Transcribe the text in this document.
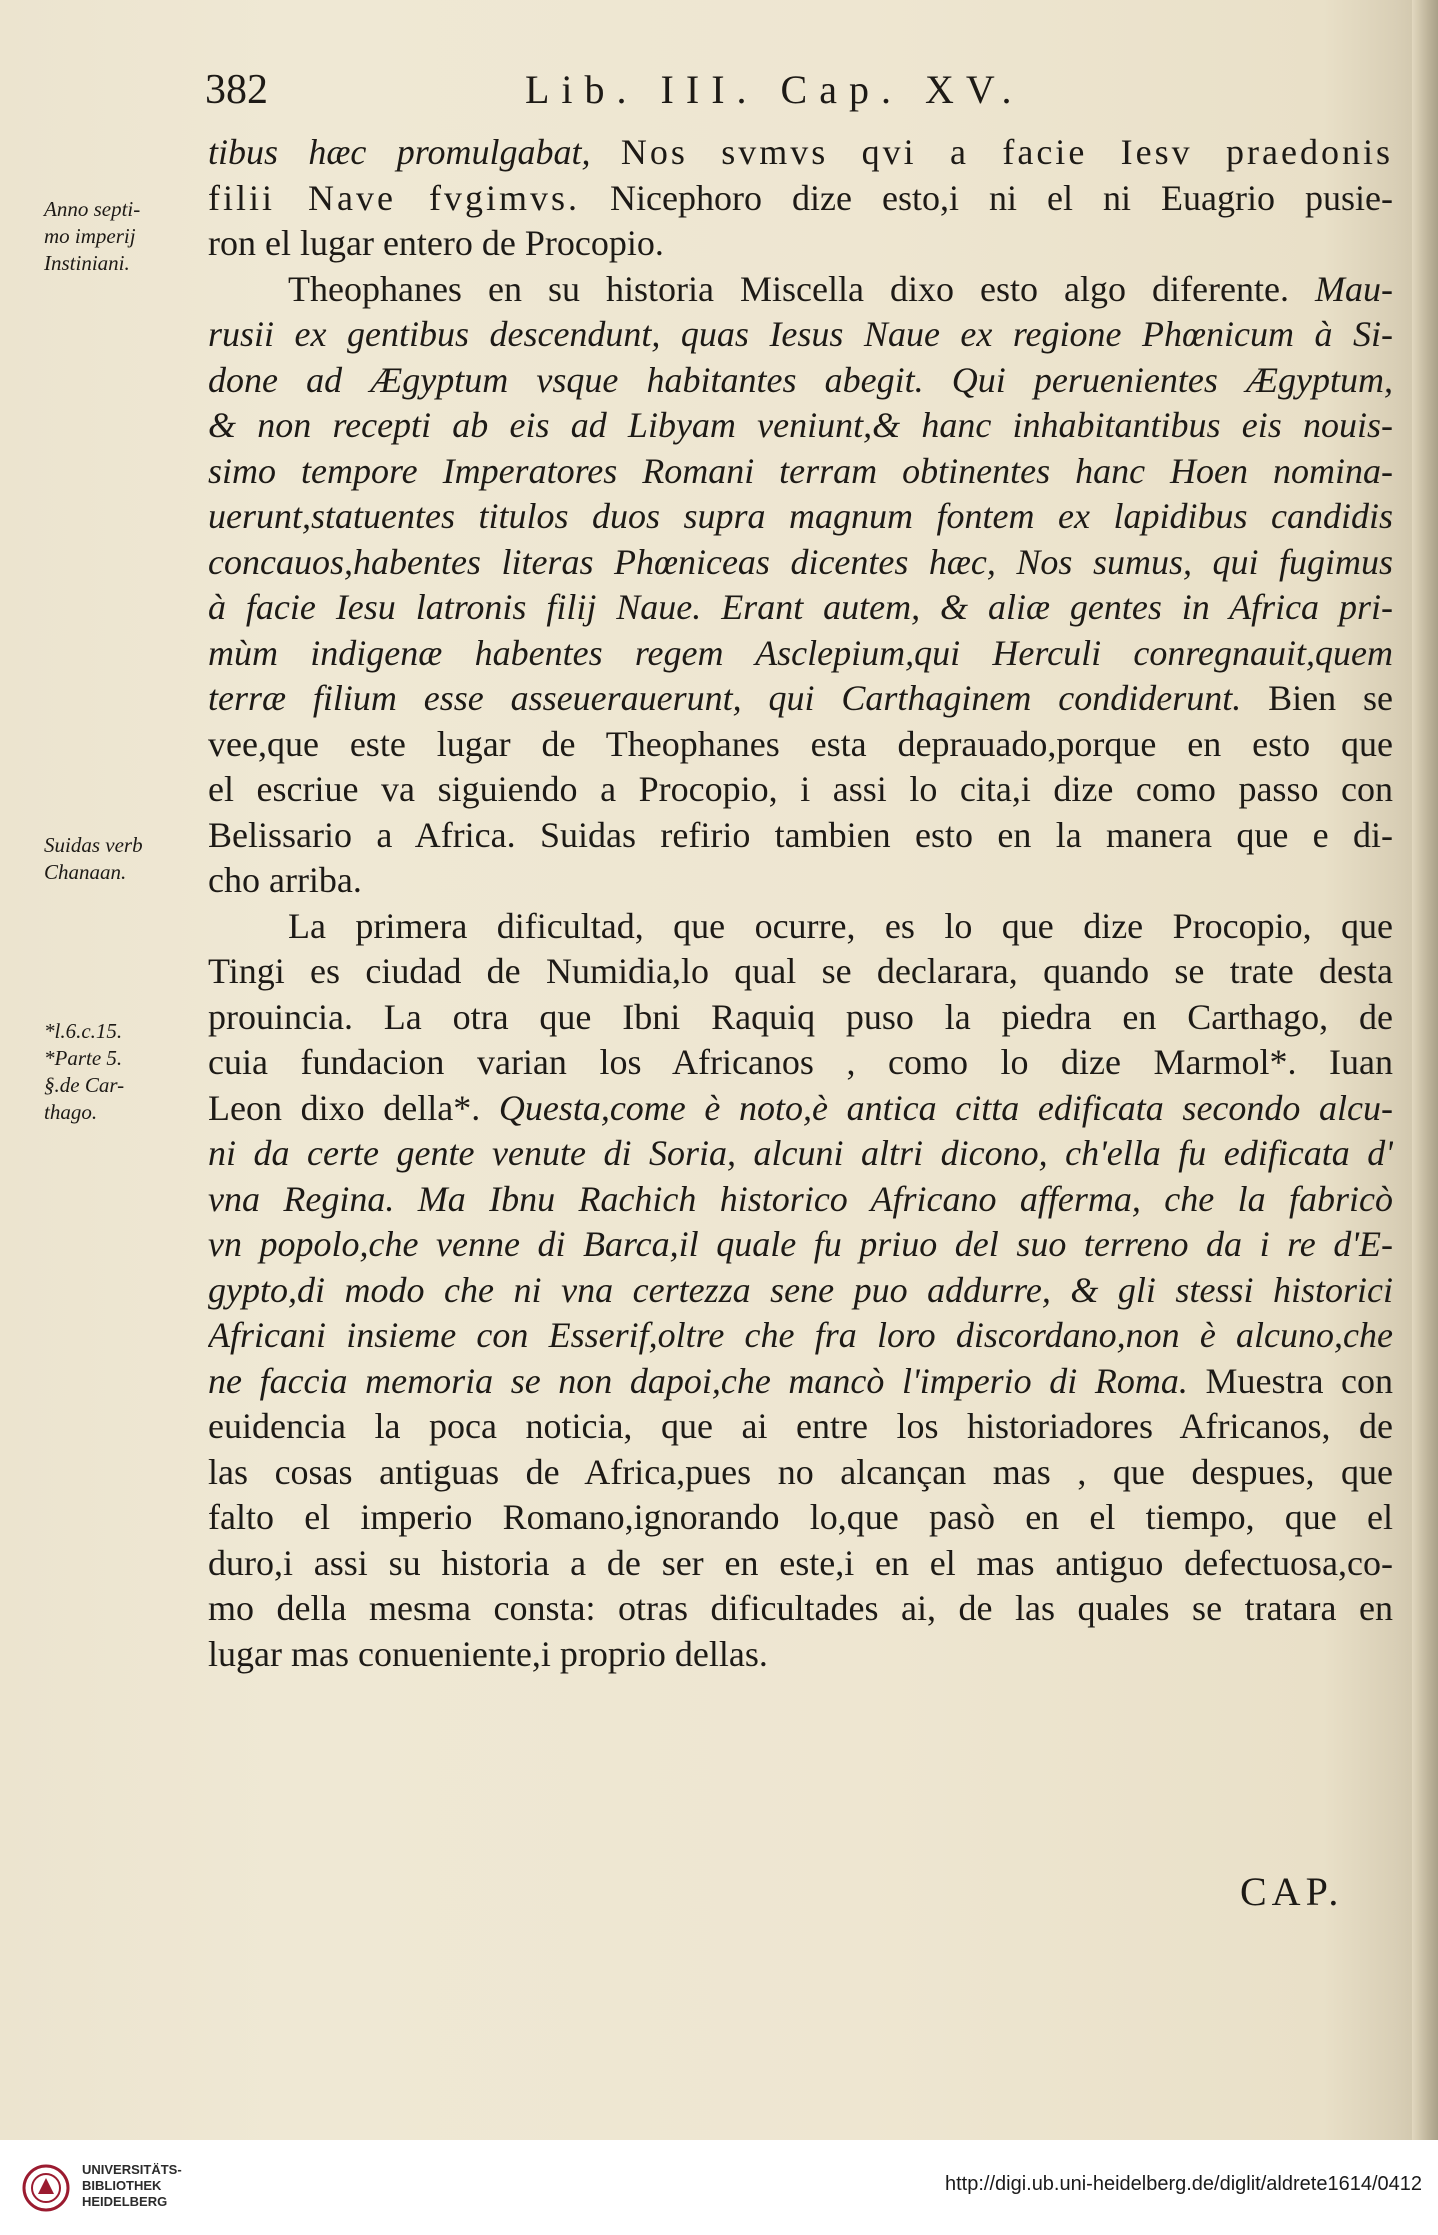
382	Lib. III. Cap. XV.
tibus hæc promulgabat, Nos svmvs qvi a facie Iesv praedonis
filii Nave fvgimvs. Nicephoro dize esto,i ni el ni Euagrio pusie-
ron el lugar entero de Procopio.
Theophanes en su historia Miscella dixo esto algo diferente. Mau-
rusii ex gentibus descendunt, quas Iesus Naue ex regione Phœnicum à Si-
done ad Ægyptum vsque habitantes abegit. Qui peruenientes Ægyptum,
& non recepti ab eis ad Libyam veniunt,& hanc inhabitantibus eis nouis-
simo tempore Imperatores Romani terram obtinentes hanc Hoen nomina-
uerunt,statuentes titulos duos supra magnum fontem ex lapidibus candidis
concauos,habentes literas Phœniceas dicentes hæc, Nos sumus, qui fugimus
à facie Iesu latronis filij Naue. Erant autem, & aliæ gentes in Africa pri-
mùm indigenæ habentes regem Asclepium,qui Herculi conregnauit,quem
terræ filium esse asseuerauerunt, qui Carthaginem condiderunt. Bien se
vee,que este lugar de Theophanes esta deprauado,porque en esto que
el escriue va siguiendo a Procopio, i assi lo cita,i dize como passo con
Belissario a Africa. Suidas refirio tambien esto en la manera que e di-
cho arriba.
La primera dificultad, que ocurre, es lo que dize Procopio, que
Tingi es ciudad de Numidia,lo qual se declarara, quando se trate desta
prouincia. La otra que Ibni Raquiq puso la piedra en Carthago, de
cuia fundacion varian los Africanos , como lo dize Marmol*. Iuan
Leon dixo della*. Questa,come è noto,è antica citta edificata secondo alcu-
ni da certe gente venute di Soria, alcuni altri dicono, ch'ella fu edificata d'
vna Regina. Ma Ibnu Rachich historico Africano afferma, che la fabricò
vn popolo,che venne di Barca,il quale fu priuo del suo terreno da i re d'E-
gypto,di modo che ni vna certezza sene puo addurre, & gli stessi historici
Africani insieme con Esserif,oltre che fra loro discordano,non è alcuno,che
ne faccia memoria se non dapoi,che mancò l'imperio di Roma. Muestra con
euidencia la poca noticia, que ai entre los historiadores Africanos, de
las cosas antiguas de Africa,pues no alcançan mas , que despues, que
falto el imperio Romano,ignorando lo,que pasò en el tiempo, que el
duro,i assi su historia a de ser en este,i en el mas antiguo defectuosa,co-
mo della mesma consta: otras dificultades ai, de las quales se tratara en
lugar mas conueniente,i proprio dellas.
Anno septi-
mo imperij
Instiniani.
Suidas verb
Chanaan.
*l.6.c.15.
*Parte 5.
§.de Car-
thago.
CAP.
UNIVERSITÄTS-
BIBLIOTHEK
HEIDELBERG
http://digi.ub.uni-heidelberg.de/diglit/aldrete1614/0412
